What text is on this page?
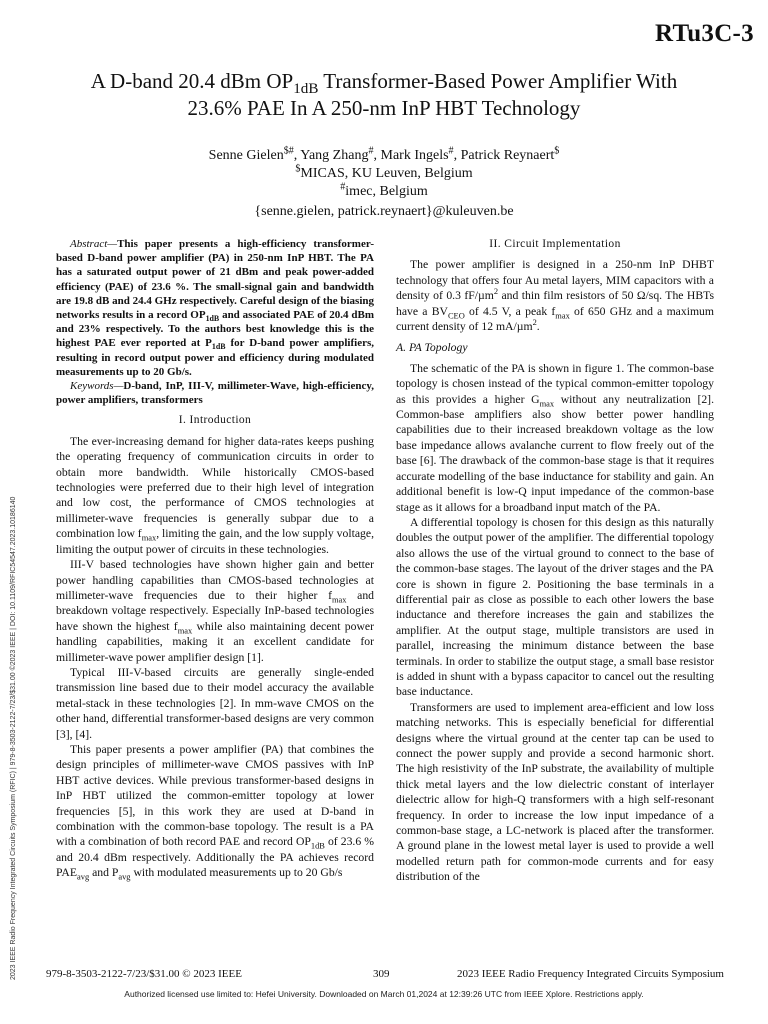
RTu3C-3
A D-band 20.4 dBm $OP_{1dB}$ Transformer-Based Power Amplifier With
23.6% PAE In A 250-nm InP HBT Technology
Senne Gielen$#, Yang Zhang#, Mark Ingels#, Patrick Reynaert$
$MICAS, KU Leuven, Belgium
#imec, Belgium
{senne.gielen, patrick.reynaert}@kuleuven.be
2023 IEEE Radio Frequency Integrated Circuits Symposium (RFIC) | 979-8-3503-2122-7/23/$31.00 ©2023 IEEE | DOI: 10.1109/RFIC54547.2023.10186140

Abstract—This paper presents a high-efficiency transformer-based D-band power amplifier (PA) in 250-nm InP HBT. The PA has a saturated output power of 21 dBm and peak power-added efficiency (PAE) of 23.6 %. The small-signal gain and bandwidth are 19.8 dB and 24.4 GHz respectively. Careful design of the biasing networks results in a record $OP_{1dB}$ and associated PAE of 20.4 dBm and 23% respectively. To the authors best knowledge this is the highest PAE ever reported at $P_{1dB}$ for D-band power amplifiers, resulting in record output power and efficiency during modulated measurements up to 20 Gb/s.

Keywords—D-band, InP, III-V, millimeter-Wave, high-efficiency, power amplifiers, transformers

I. Introduction

The ever-increasing demand for higher data-rates keeps pushing the operating frequency of communication circuits in order to obtain more bandwidth. While historically CMOS-based technologies were preferred due to their high level of integration and low cost, the performance of CMOS technologies at millimeter-wave frequencies is generally subpar due to a combination low $f_{max}$, limiting the gain, and the low supply voltage, limiting the output power of circuits in these technologies.

III-V based technologies have shown higher gain and better power handling capabilities than CMOS-based technologies at millimeter-wave frequencies due to their higher $f_{max}$ and breakdown voltage respectively. Especially InP-based technologies have shown the highest $f_{max}$ while also maintaining decent power handling capabilities, making it an excellent candidate for millimeter-wave power amplifier design [1].

Typical III-V-based circuits are generally single-ended transmission line based due to their model accuracy the available metal-stack in these technologies [2]. In mm-wave CMOS on the other hand, differential transformer-based designs are very common [3], [4].

This paper presents a power amplifier (PA) that combines the design principles of millimeter-wave CMOS passives with InP HBT active devices. While previous transformer-based designs in InP HBT utilized the common-emitter topology at lower frequencies [5], in this work they are used at D-band in combination with the common-base topology. The result is a PA with a combination of both record PAE and record $OP_{1dB}$ of 23.6 % and 20.4 dBm respectively. Additionally the PA achieves record $PAE_{avg}$ and $P_{avg}$ with modulated measurements up to 20 Gb/s

II. Circuit Implementation

The power amplifier is designed in a 250-nm InP DHBT technology that offers four Au metal layers, MIM capacitors with a density of 0.3 fF/µm$^2$ and thin film resistors of 50 Ω/sq. The HBTs have a $BV_{CEO}$ of 4.5 V, a peak $f_{max}$ of 650 GHz and a maximum current density of 12 mA/µm$^2$.

A. PA Topology

The schematic of the PA is shown in figure 1. The common-base topology is chosen instead of the typical common-emitter topology as this provides a higher $G_{max}$ without any neutralization [2]. Common-base amplifiers also show better power handling capabilities due to their increased breakdown voltage as the low base impedance allows avalanche current to flow freely out of the base [6]. The drawback of the common-base stage is that it requires accurate modelling of the base inductance for stability and gain. An additional benefit is low-Q input impedance of the common-base stage as it allows for a broadband input match of the PA.

A differential topology is chosen for this design as this naturally doubles the output power of the amplifier. The differential topology also allows the use of the virtual ground to connect to the base of the common-base stages. The layout of the driver stages and the PA core is shown in figure 2. Positioning the base terminals in a differential pair as close as possible to each other lowers the base inductance and therefore increases the gain and stabilizes the amplifier. At the output stage, multiple transistors are used in parallel, increasing the minimum distance between the base terminals. In order to stabilize the output stage, a small base resistor is added in shunt with a bypass capacitor to cancel out the resulting base inductance.

Transformers are used to implement area-efficient and low loss matching networks. This is especially beneficial for differential designs where the virtual ground at the center tap can be used to connect the power supply and provide a second harmonic short. The high resistivity of the InP substrate, the availability of multiple thick metal layers and the low dielectric constant of interlayer dielectric allow for high-Q transformers with a high self-resonant frequency. In order to increase the low input impedance of a common-base stage, a LC-network is placed after the transformer. A ground plane in the lowest metal layer is used to provide a well modelled return path for common-mode currents and for easy distribution of the

979-8-3503-2122-7/23/$31.00 © 2023 IEEE	309	2023 IEEE Radio Frequency Integrated Circuits Symposium
Authorized licensed use limited to: Hefei University. Downloaded on March 01,2024 at 12:39:26 UTC from IEEE Xplore. Restrictions apply.
